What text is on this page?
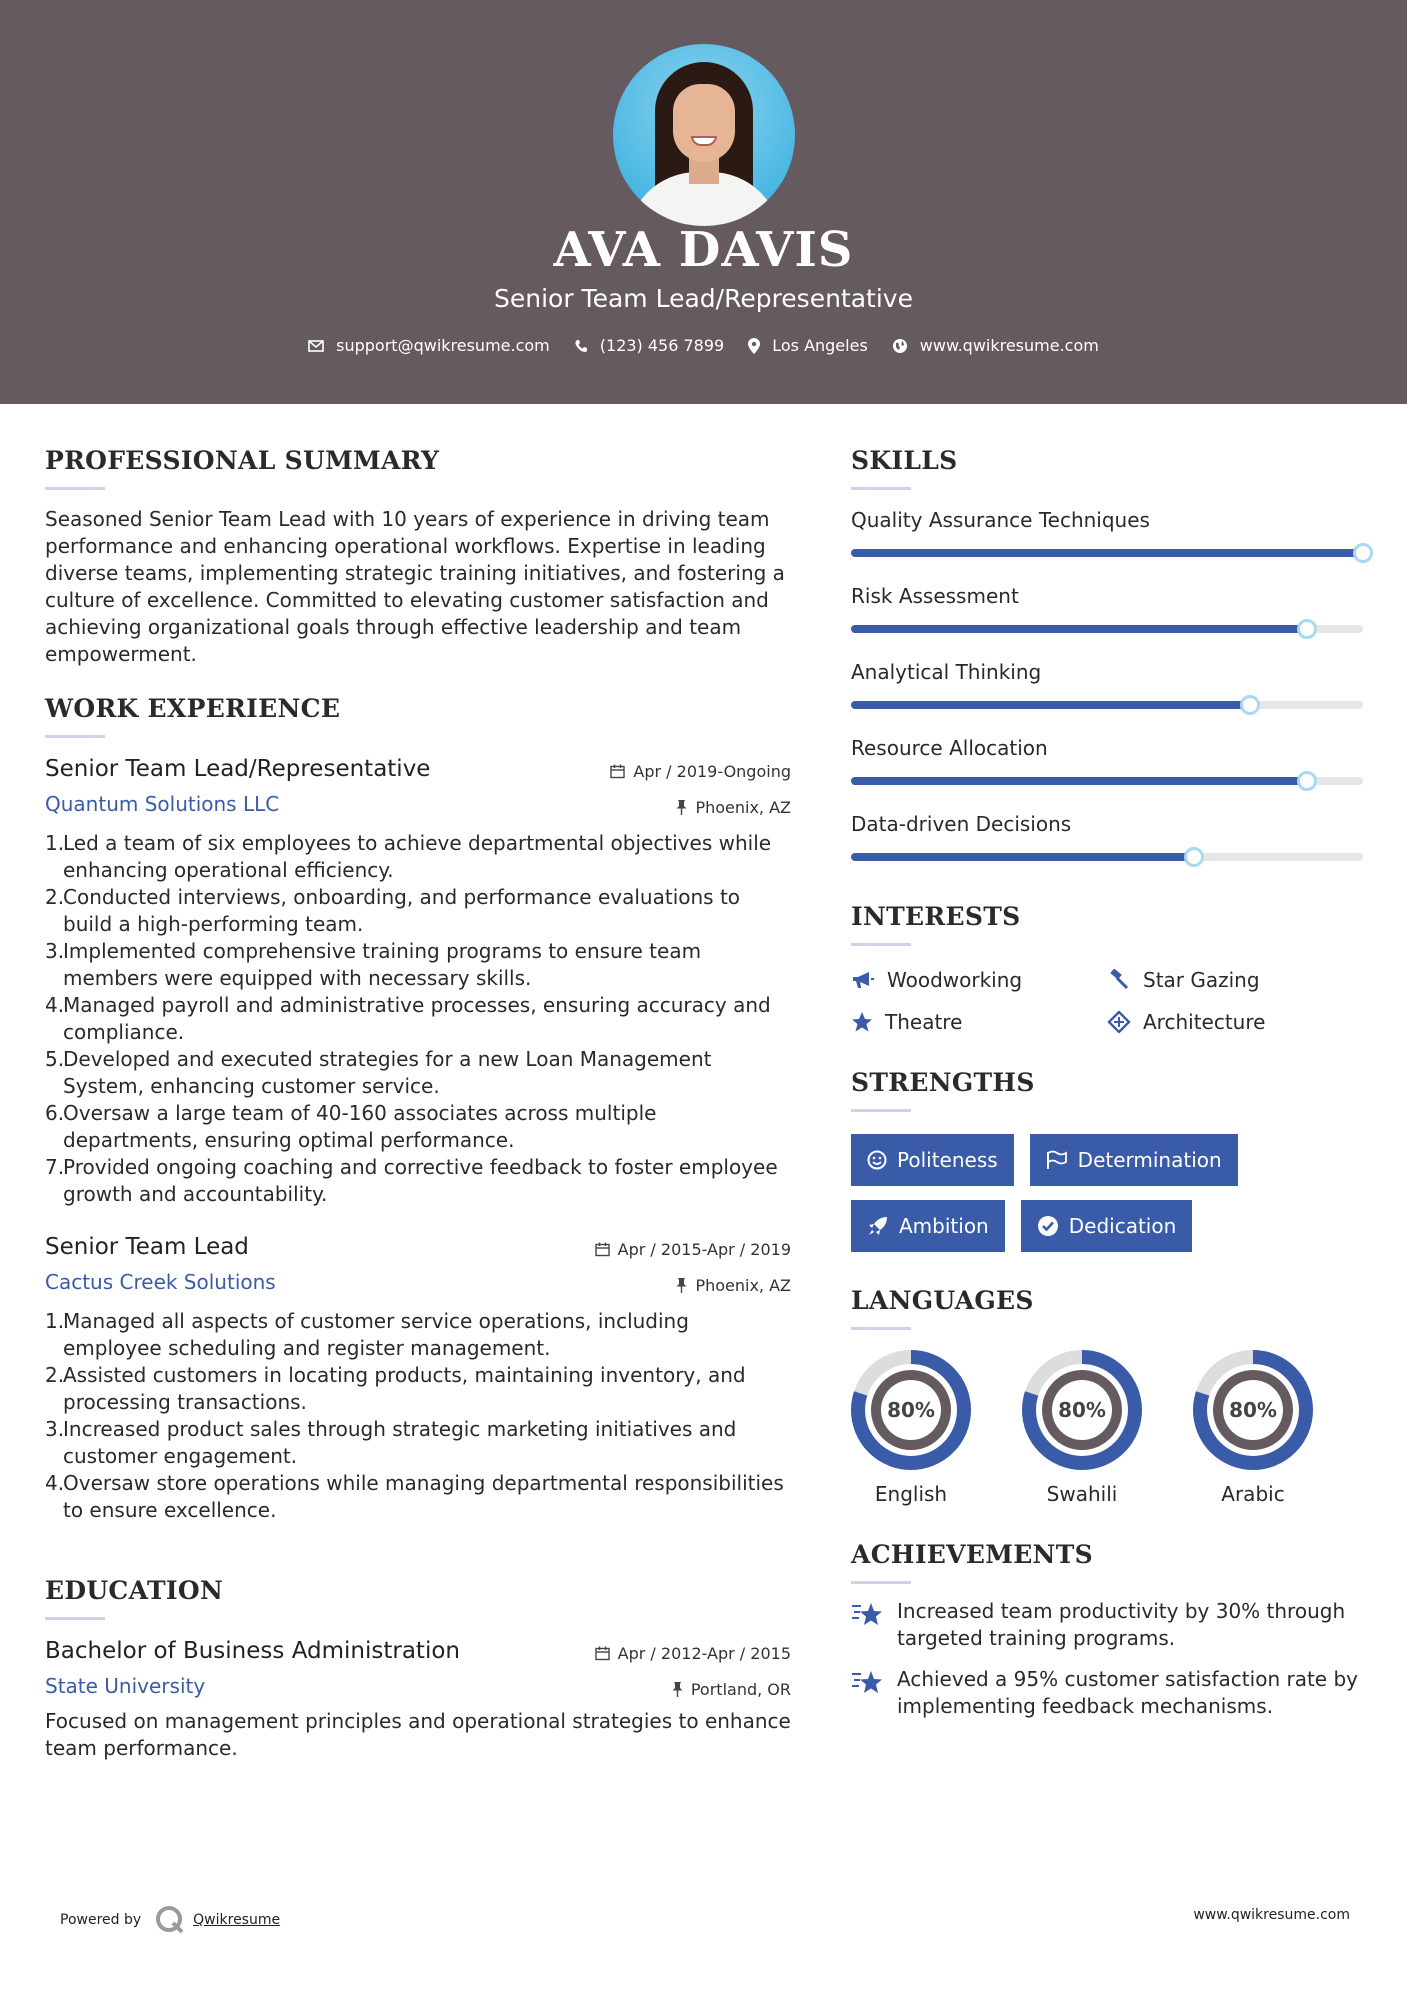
AVA DAVIS
Senior Team Lead/Representative
support@qwikresume.com	(123) 456 7899	Los Angeles	www.qwikresume.com
PROFESSIONAL SUMMARY
Seasoned Senior Team Lead with 10 years of experience in driving team performance and enhancing operational workflows. Expertise in leading diverse teams, implementing strategic training initiatives, and fostering a culture of excellence. Committed to elevating customer satisfaction and achieving organizational goals through effective leadership and team empowerment.
WORK EXPERIENCE
Senior Team Lead/Representative
Quantum Solutions LLC
Apr / 2019-Ongoing
Phoenix, AZ
1.
Led a team of six employees to achieve departmental objectives while enhancing operational efficiency.
2.
Conducted interviews, onboarding, and performance evaluations to build a high-performing team.
3.
Implemented comprehensive training programs to ensure team members were equipped with necessary skills.
4.
Managed payroll and administrative processes, ensuring accuracy and compliance.
5.
Developed and executed strategies for a new Loan Management System, enhancing customer service.
6.
Oversaw a large team of 40-160 associates across multiple departments, ensuring optimal performance.
7.
Provided ongoing coaching and corrective feedback to foster employee growth and accountability.
Senior Team Lead
Cactus Creek Solutions
Apr / 2015-Apr / 2019
Phoenix, AZ
1.
Managed all aspects of customer service operations, including employee scheduling and register management.
2.
Assisted customers in locating products, maintaining inventory, and processing transactions.
3.
Increased product sales through strategic marketing initiatives and customer engagement.
4.
Oversaw store operations while managing departmental responsibilities to ensure excellence.
EDUCATION
Bachelor of Business Administration
State University
Apr / 2012-Apr / 2015
Portland, OR
Focused on management principles and operational strategies to enhance team performance.
SKILLS
Quality Assurance Techniques
Risk Assessment
Analytical Thinking
Resource Allocation
Data-driven Decisions
INTERESTS
Woodworking	Star Gazing
Theatre	Architecture
STRENGTHS
Politeness	Determination
Ambition	Dedication
LANGUAGES
80%
English
80%
Swahili
80%
Arabic
ACHIEVEMENTS
Increased team productivity by 30% through targeted training programs.
Achieved a 95% customer satisfaction rate by implementing feedback mechanisms.
Powered by	Qwikresume	www.qwikresume.com
